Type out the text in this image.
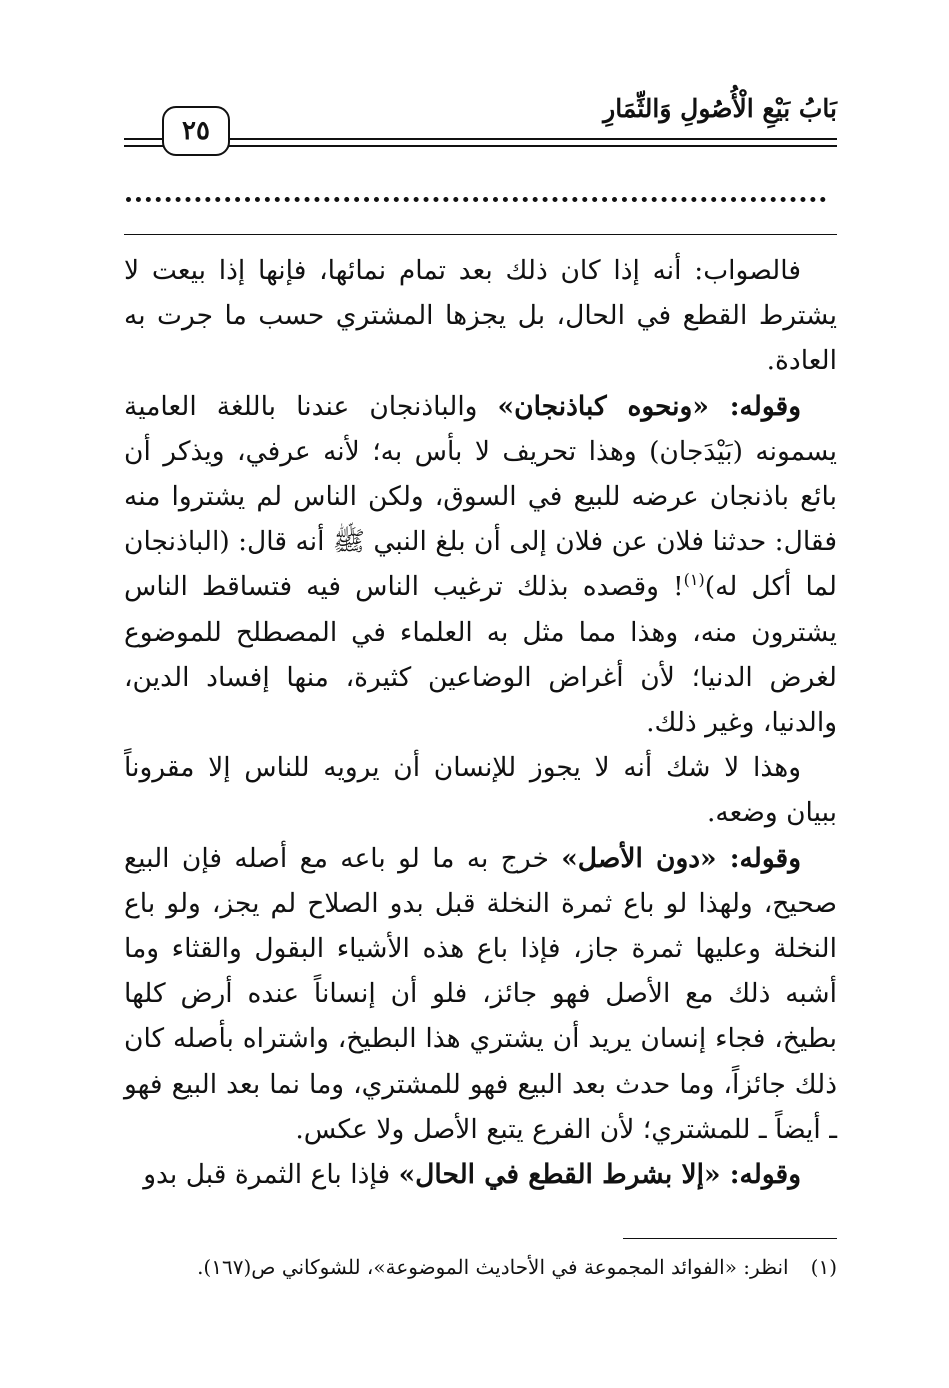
بَابُ بَيْعِ الْأُصُولِ وَالثِّمَارِ
٢٥

فالصواب: أنه إذا كان ذلك بعد تمام نمائها، فإنها إذا بيعت لا يشترط القطع في الحال، بل يجزها المشتري حسب ما جرت به العادة.

وقوله: «ونحوه كباذنجان» والباذنجان عندنا باللغة العامية يسمونه (بَيْدَجان) وهذا تحريف لا بأس به؛ لأنه عرفي، ويذكر أن بائع باذنجان عرضه للبيع في السوق، ولكن الناس لم يشتروا منه فقال: حدثنا فلان عن فلان إلى أن بلغ النبي ﷺ أنه قال: (الباذنجان لما أكل له)$^{(١)}$! وقصده بذلك ترغيب الناس فيه فتساقط الناس يشترون منه، وهذا مما مثل به العلماء في المصطلح للموضوع لغرض الدنيا؛ لأن أغراض الوضاعين كثيرة، منها إفساد الدين، والدنيا، وغير ذلك.

وهذا لا شك أنه لا يجوز للإنسان أن يرويه للناس إلا مقروناً ببيان وضعه.

وقوله: «دون الأصل» خرج به ما لو باعه مع أصله فإن البيع صحيح، ولهذا لو باع ثمرة النخلة قبل بدو الصلاح لم يجز، ولو باع النخلة وعليها ثمرة جاز، فإذا باع هذه الأشياء البقول والقثاء وما أشبه ذلك مع الأصل فهو جائز، فلو أن إنساناً عنده أرض كلها بطيخ، فجاء إنسان يريد أن يشتري هذا البطيخ، واشتراه بأصله كان ذلك جائزاً، وما حدث بعد البيع فهو للمشتري، وما نما بعد البيع فهو ـ أيضاً ـ للمشتري؛ لأن الفرع يتبع الأصل ولا عكس.

وقوله: «إلا بشرط القطع في الحال» فإذا باع الثمرة قبل بدو

(١)انظر: «الفوائد المجموعة في الأحاديث الموضوعة»، للشوكاني ص(١٦٧).
